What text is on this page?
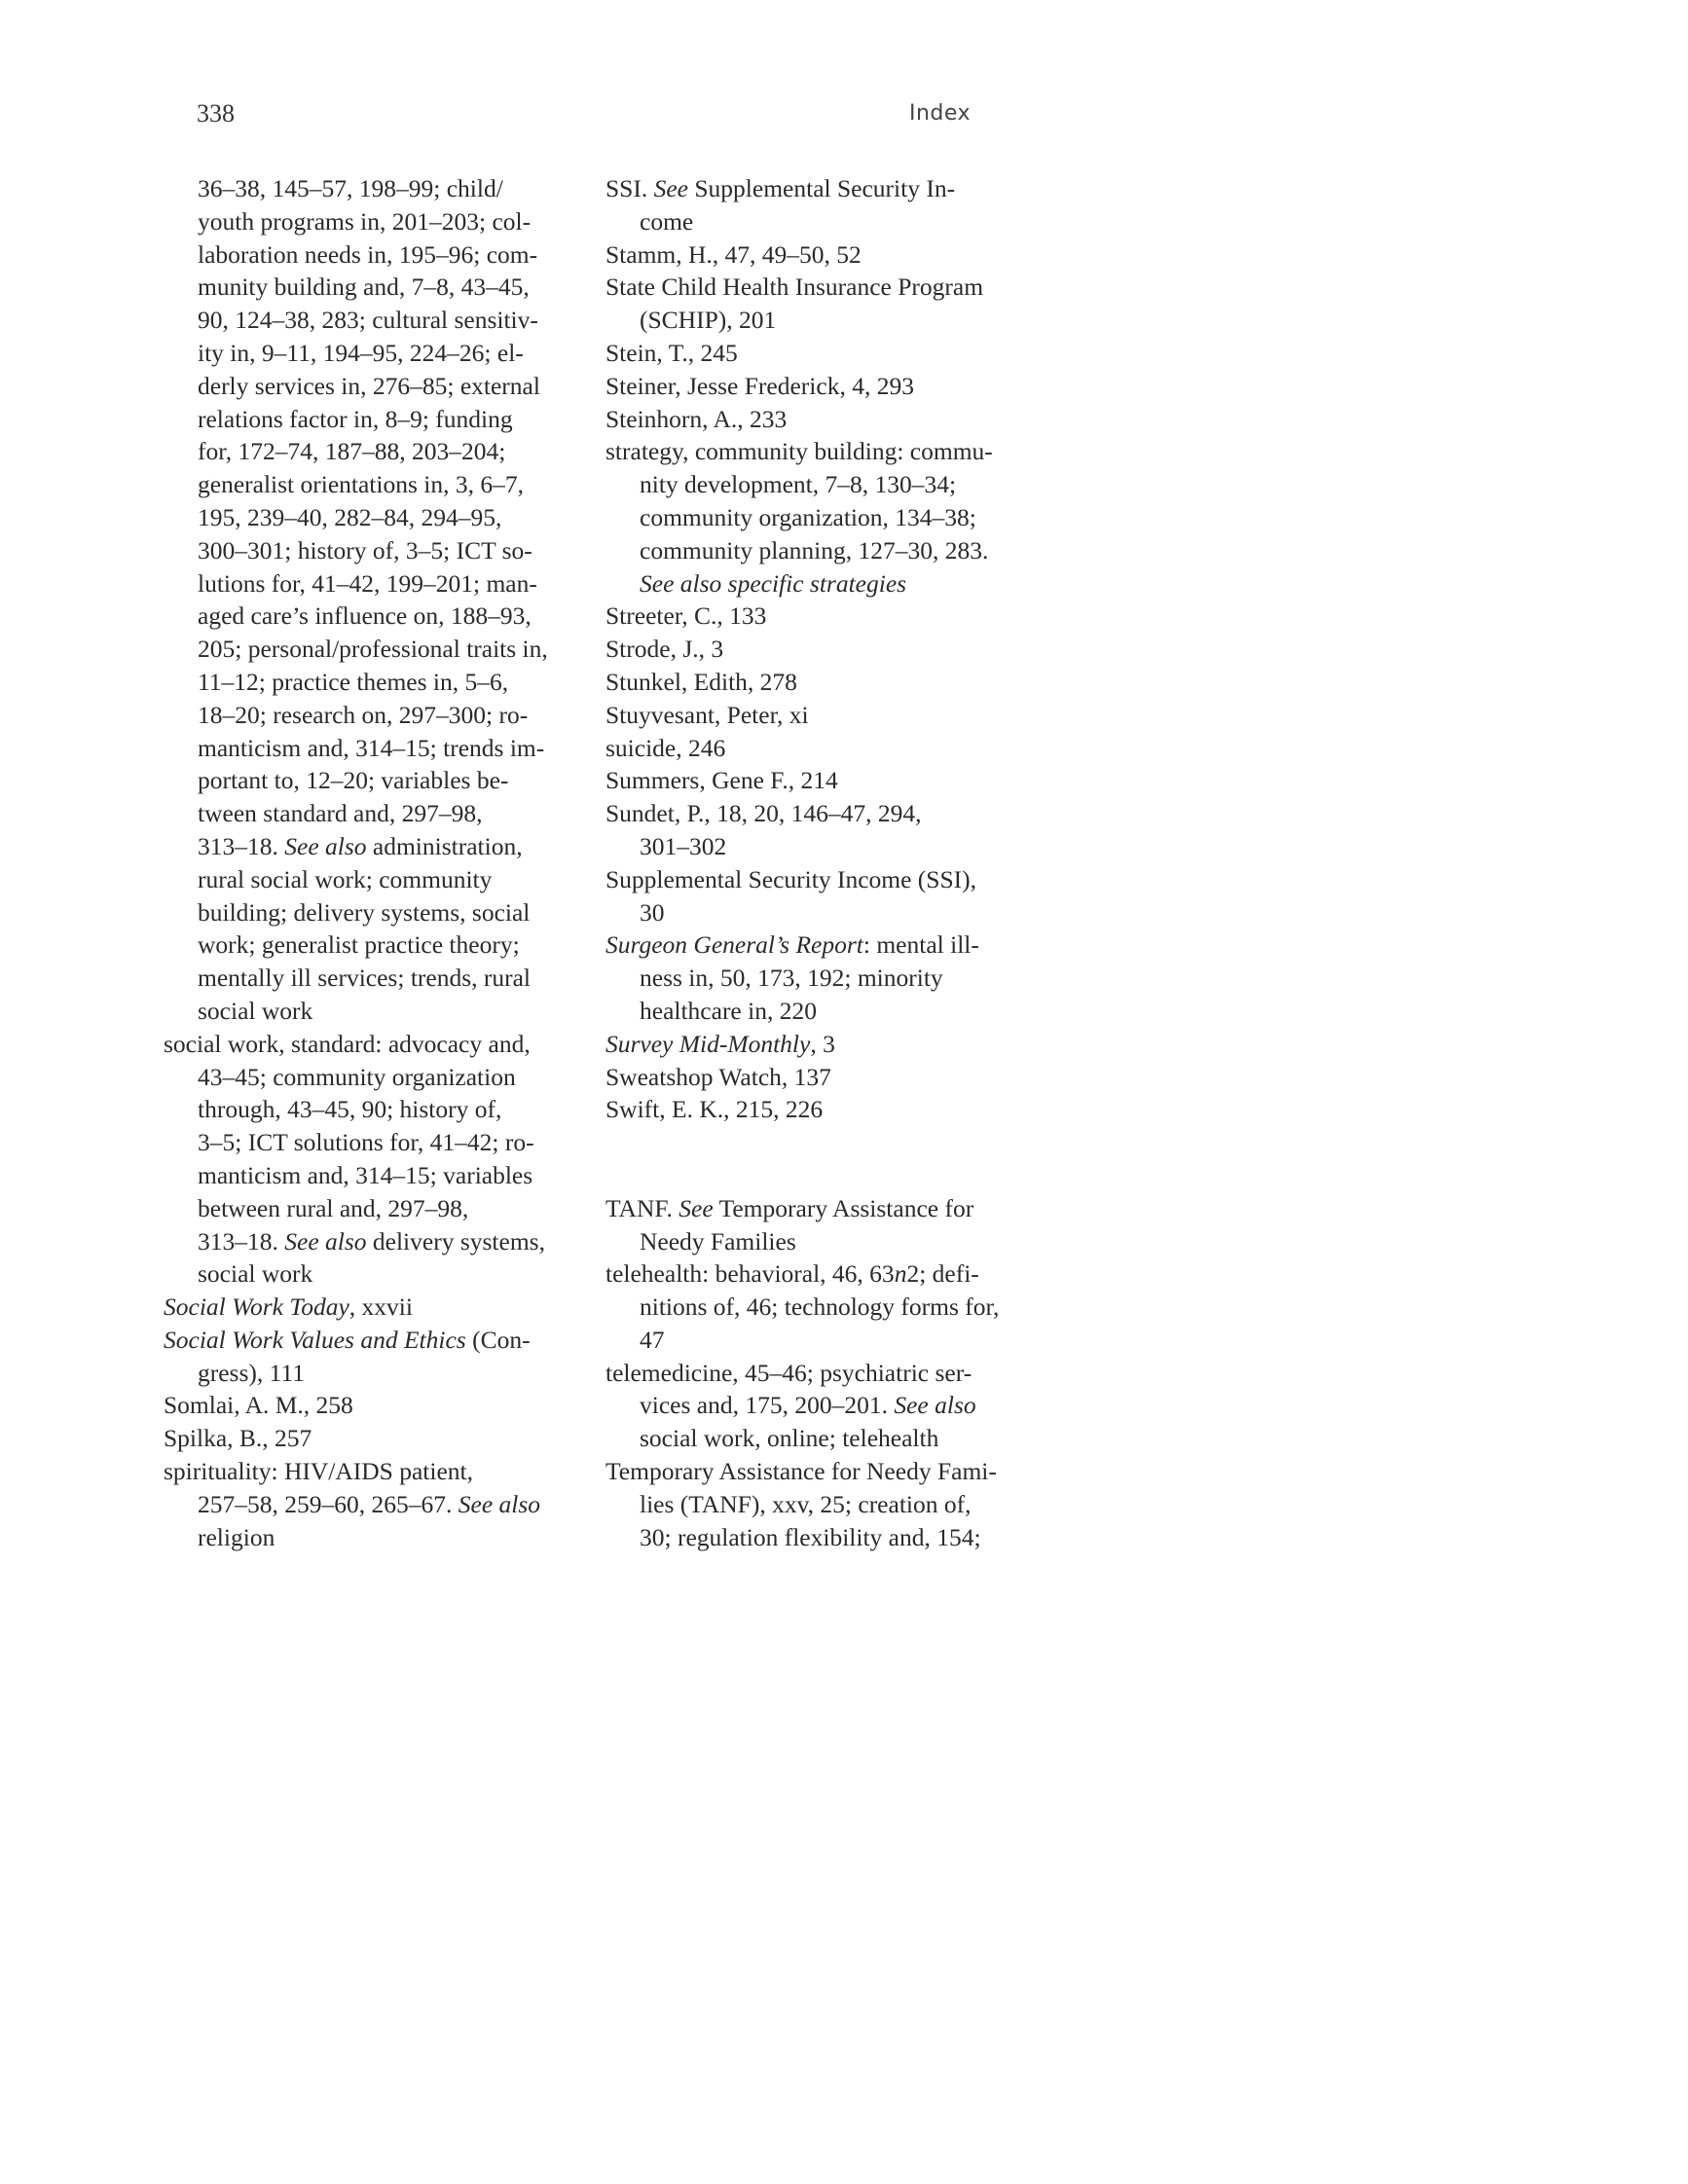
338	Index
36–38, 145–57, 198–99; child/
youth programs in, 201–203; col-
laboration needs in, 195–96; com-
munity building and, 7–8, 43–45,
90, 124–38, 283; cultural sensitiv-
ity in, 9–11, 194–95, 224–26; el-
derly services in, 276–85; external
relations factor in, 8–9; funding
for, 172–74, 187–88, 203–204;
generalist orientations in, 3, 6–7,
195, 239–40, 282–84, 294–95,
300–301; history of, 3–5; ICT so-
lutions for, 41–42, 199–201; man-
aged care’s influence on, 188–93,
205; personal/professional traits in,
11–12; practice themes in, 5–6,
18–20; research on, 297–300; ro-
manticism and, 314–15; trends im-
portant to, 12–20; variables be-
tween standard and, 297–98,
313–18. See also administration,
rural social work; community
building; delivery systems, social
work; generalist practice theory;
mentally ill services; trends, rural
social work
social work, standard: advocacy and,
43–45; community organization
through, 43–45, 90; history of,
3–5; ICT solutions for, 41–42; ro-
manticism and, 314–15; variables
between rural and, 297–98,
313–18. See also delivery systems,
social work
Social Work Today, xxvii
Social Work Values and Ethics (Con-
gress), 111
Somlai, A. M., 258
Spilka, B., 257
spirituality: HIV/AIDS patient,
257–58, 259–60, 265–67. See also
religion
SSI. See Supplemental Security In-
come
Stamm, H., 47, 49–50, 52
State Child Health Insurance Program
(SCHIP), 201
Stein, T., 245
Steiner, Jesse Frederick, 4, 293
Steinhorn, A., 233
strategy, community building: commu-
nity development, 7–8, 130–34;
community organization, 134–38;
community planning, 127–30, 283.
See also specific strategies
Streeter, C., 133
Strode, J., 3
Stunkel, Edith, 278
Stuyvesant, Peter, xi
suicide, 246
Summers, Gene F., 214
Sundet, P., 18, 20, 146–47, 294,
301–302
Supplemental Security Income (SSI),
30
Surgeon General’s Report: mental ill-
ness in, 50, 173, 192; minority
healthcare in, 220
Survey Mid-Monthly, 3
Sweatshop Watch, 137
Swift, E. K., 215, 226
TANF. See Temporary Assistance for
Needy Families
telehealth: behavioral, 46, 63n2; defi-
nitions of, 46; technology forms for,
47
telemedicine, 45–46; psychiatric ser-
vices and, 175, 200–201. See also
social work, online; telehealth
Temporary Assistance for Needy Fami-
lies (TANF), xxv, 25; creation of,
30; regulation flexibility and, 154;
